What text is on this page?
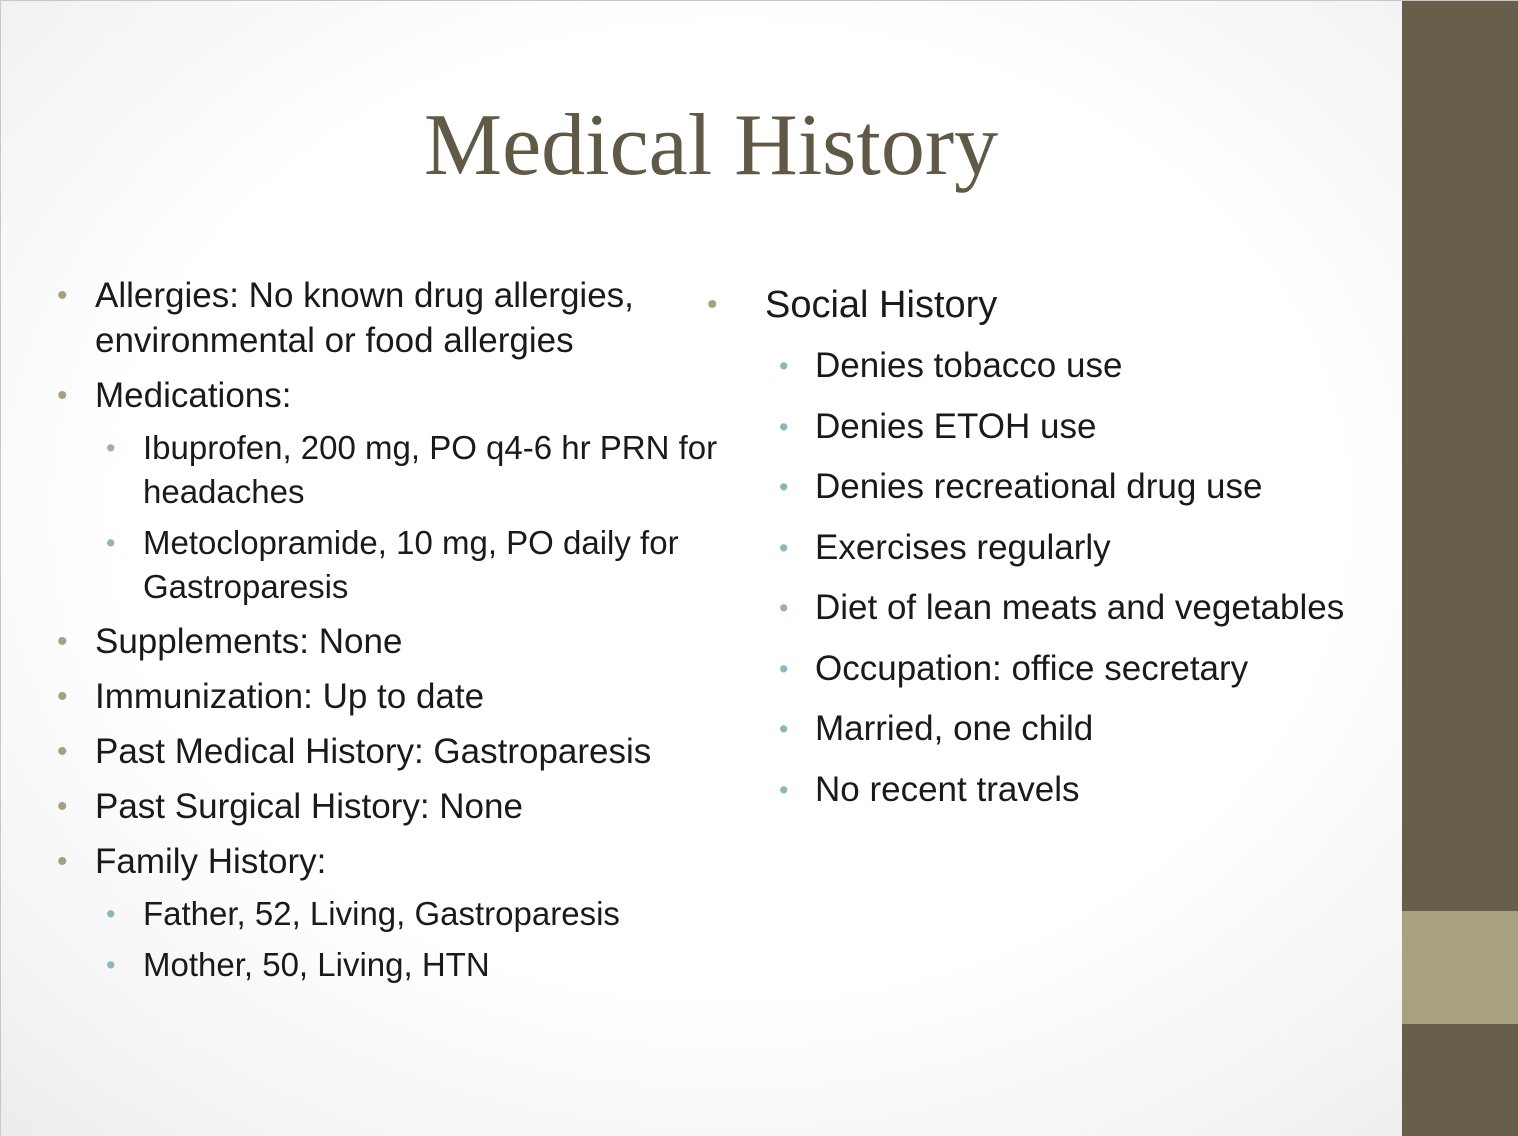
Medical History
• Allergies: No known drug allergies, environmental or food allergies
• Medications:
• Ibuprofen, 200 mg, PO q4-6 hr PRN for headaches
• Metoclopramide, 10 mg, PO daily for Gastroparesis
• Supplements: None
• Immunization: Up to date
• Past Medical History: Gastroparesis
• Past Surgical History: None
• Family History:
• Father, 52, Living, Gastroparesis
• Mother, 50, Living, HTN
• Social History
• Denies tobacco use
• Denies ETOH use
• Denies recreational drug use
• Exercises regularly
• Diet of lean meats and vegetables
• Occupation: office secretary
• Married, one child
• No recent travels
